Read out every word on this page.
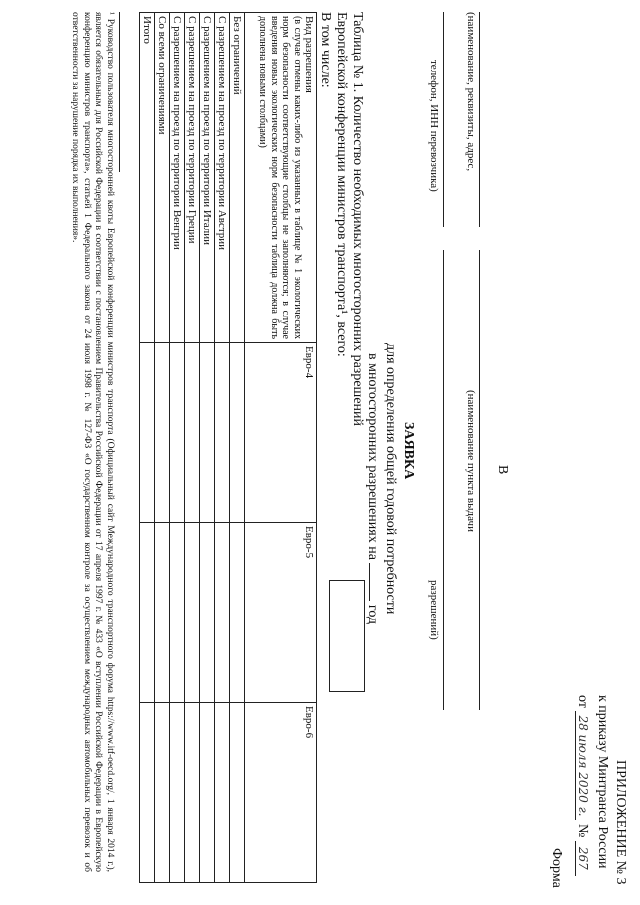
ПРИЛОЖЕНИЕ № 3
к приказу Минтранса России
от 28 июля 2020 г. № 267
Форма
В
(наименование пункта выдачи
разрешений)
(наименование, реквизиты, адрес,
телефон, ИНН перевозчика)
ЗАЯВКА
для определения общей годовой потребности
в многосторонних разрешениях на  год
Таблица № 1. Количество необходимых многосторонних разрешений
Европейской конференции министров транспорта¹, всего:
В том числе:
Вид разрешения
(в случае отмены каких-либо из указанных в таблице № 1 экологических норм безопасности соответствующие столбцы не заполняются; в случае введения новых экологических норм безопасности таблица должна быть дополнена новыми столбцами)	Евро-4	Евро-5	Евро-6
Без ограничений			
С разрешением на проезд по территории Австрии			
С разрешением на проезд по территории Италии			
С разрешением на проезд по территории Греции			
С разрешением на проезд по территории Венгрии			
Со всеми ограничениями			
Итого			
¹ Руководство пользователя многосторонней квоты Европейской конференции министров транспорта (Официальный сайт Международного транспортного форума https://www.itf-oecd.org/, 1 января 2014 г.), является обязательным для Российской Федерации в соответствии с постановлением Правительства Российской Федерации от 17 апреля 1997 г. № 433 «О вступлении Российской Федерации в Европейскую конференцию министров транспорта», статьей 1 Федерального закона от 24 июля 1998 г. № 127-ФЗ «О государственном контроле за осуществлением международных автомобильных перевозок и об ответственности за нарушение порядка их выполнения».
